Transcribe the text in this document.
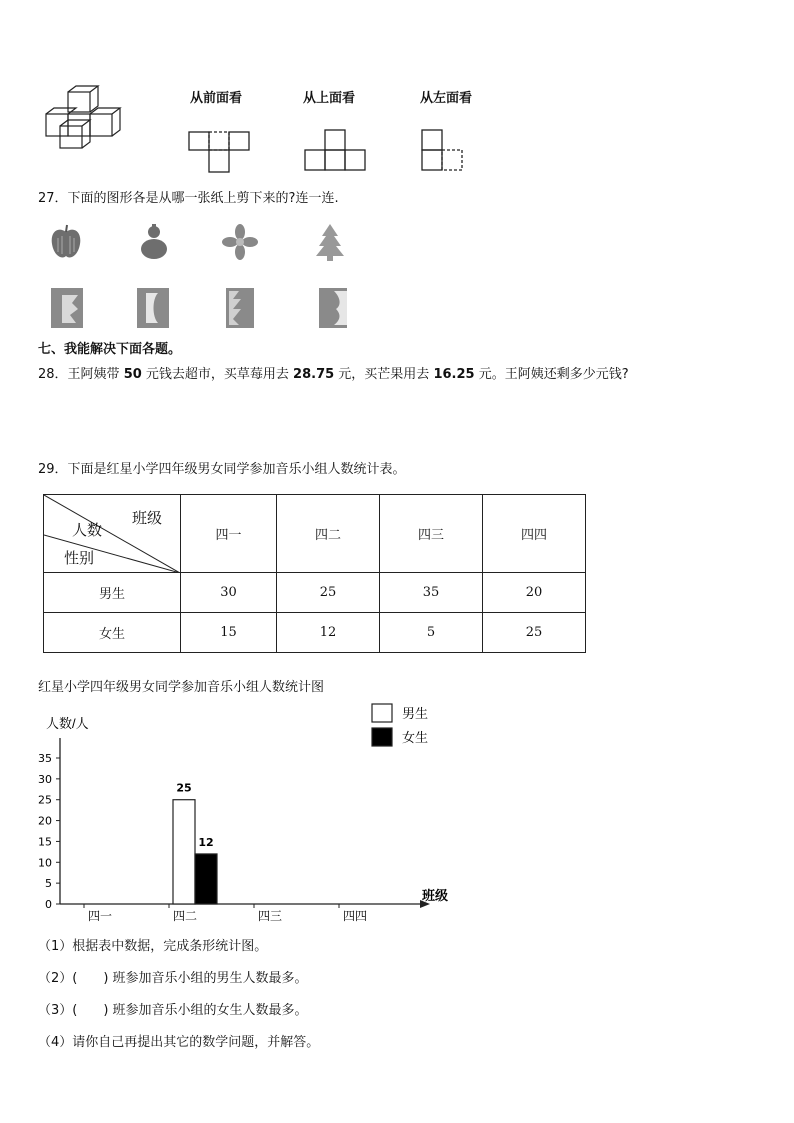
从前面看	从上面看	从左面看
27．下面的图形各是从哪一张纸上剪下来的?连一连.
七、我能解决下面各题。
28．王阿姨带 50 元钱去超市，买草莓用去 28.75 元，买芒果用去 16.25 元。王阿姨还剩多少元钱?
29．下面是红星小学四年级男女同学参加音乐小组人数统计表。
班级
人数
性别	四一	四二	四三	四四
男生	30	25	35	20
女生	15	12	5	25
红星小学四年级男女同学参加音乐小组人数统计图
人数/人
班级
0
5
10
15
20
25
30
35
四一	四二
25
12
四三	四四
男生
女生
（1）根据表中数据，完成条形统计图。
（2）(　　) 班参加音乐小组的男生人数最多。
（3）(　　) 班参加音乐小组的女生人数最多。
（4）请你自己再提出其它的数学问题，并解答。
